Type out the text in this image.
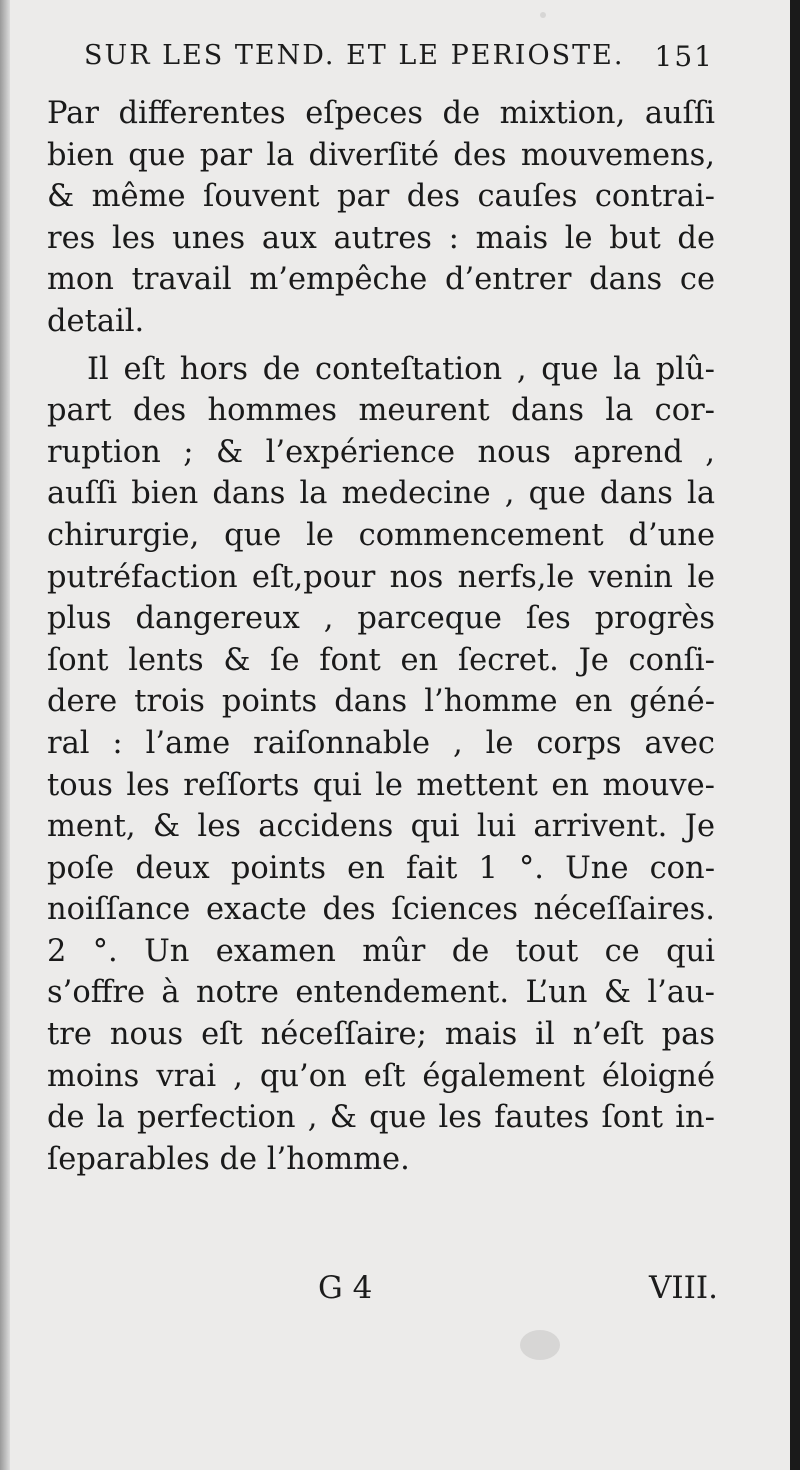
SUR LES TEND. ET LE PERIOSTE. 151
Par differentes eſpeces de mixtion, auſſi
bien que par la diverſité des mouvemens,
& même ſouvent par des cauſes contrai-
res les unes aux autres : mais le but de
mon travail m’empêche d’entrer dans ce
detail.
Il eſt hors de conteſtation , que la plû-
part des hommes meurent dans la cor-
ruption ; & l’expérience nous aprend ,
auſſi bien dans la medecine , que dans la
chirurgie, que le commencement d’une
putréfaction eſt,pour nos nerfs,le venin le
plus dangereux , parceque ſes progrès
ſont lents & ſe font en ſecret. Je conſi-
dere trois points dans l’homme en géné-
ral : l’ame raiſonnable , le corps avec
tous les reſſorts qui le mettent en mouve-
ment, & les accidens qui lui arrivent. Je
poſe deux points en fait 1 °. Une con-
noiſſance exacte des ſciences néceſſaires.
2 °. Un examen mûr de tout ce qui
s’offre à notre entendement. L’un & l’au-
tre nous eſt néceſſaire; mais il n’eſt pas
moins vrai , qu’on eſt également éloigné
de la perfection , & que les fautes ſont in-
ſeparables de l’homme.
G 4	VIII.
